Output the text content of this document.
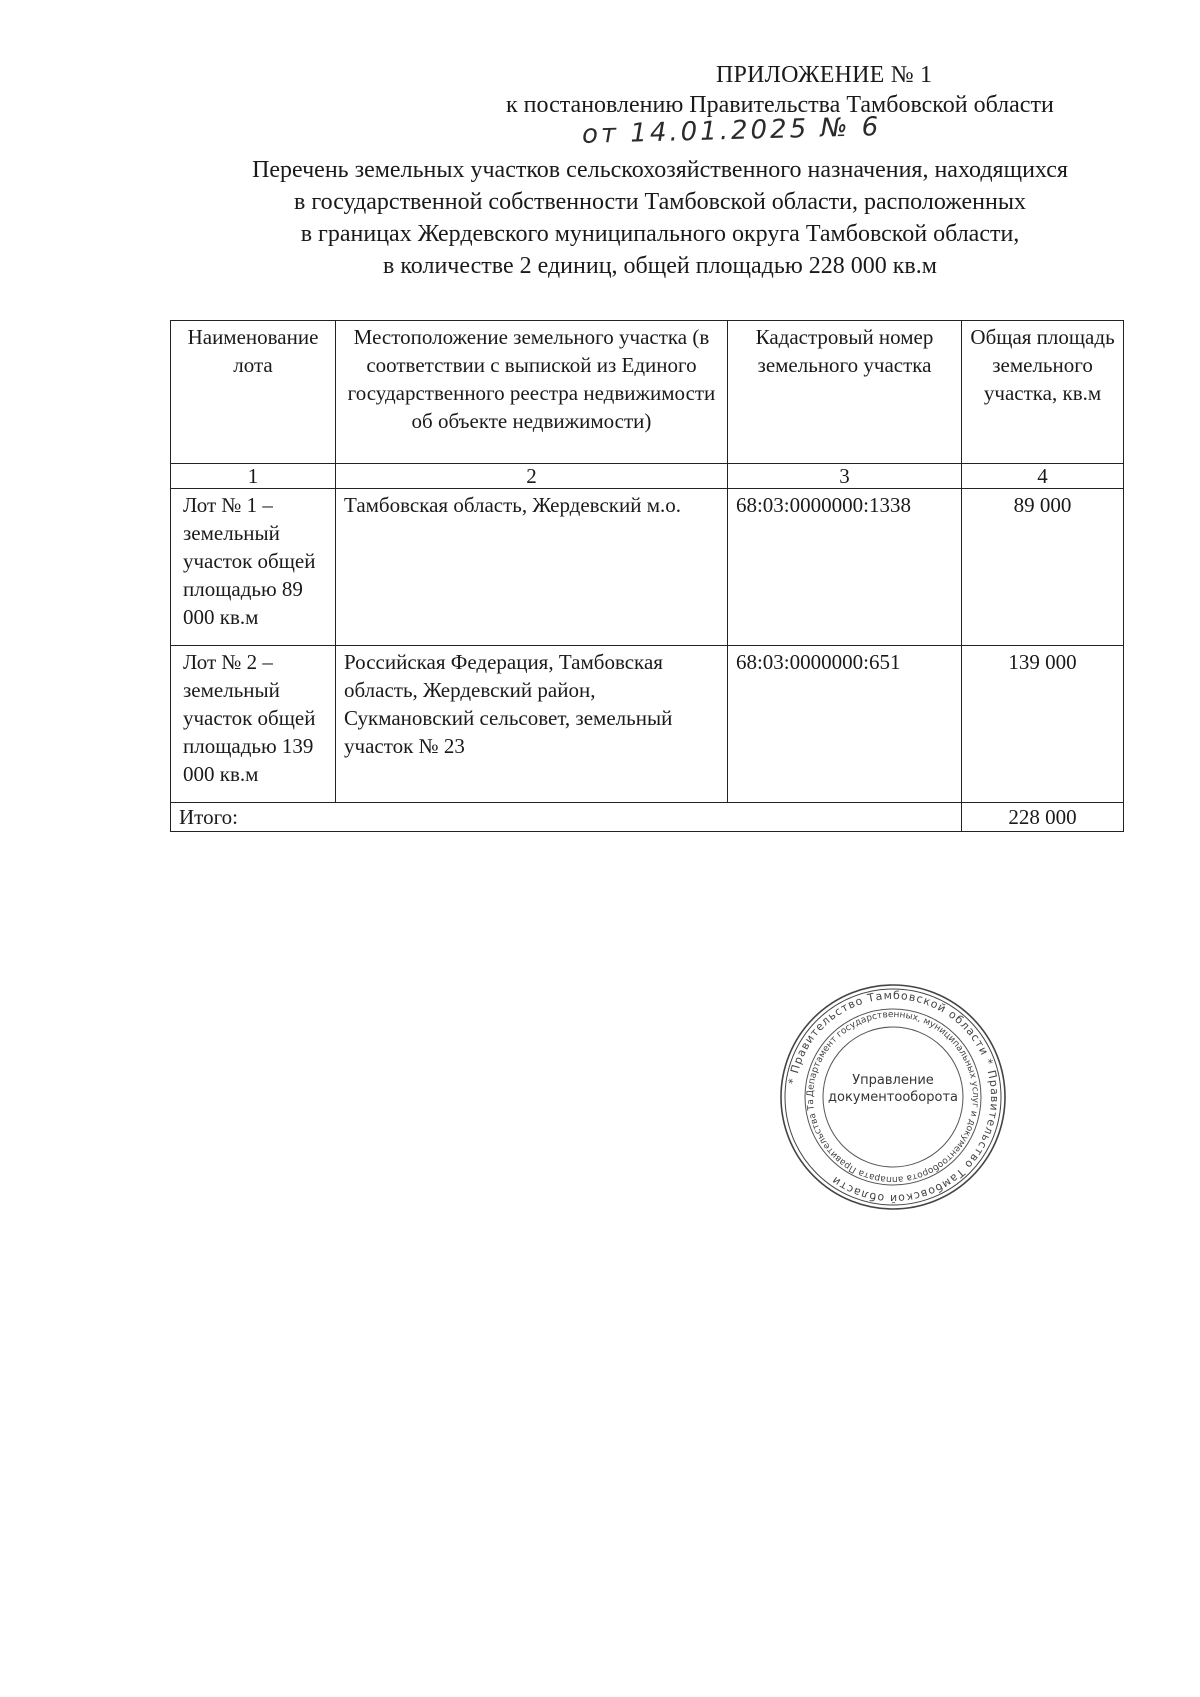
ПРИЛОЖЕНИЕ № 1
к постановлению Правительства Тамбовской области
от 14.01.2025 № 6
Перечень земельных участков сельскохозяйственного назначения, находящихся
в государственной собственности Тамбовской области, расположенных
в границах Жердевского муниципального округа Тамбовской области,
в количестве 2 единиц, общей площадью 228 000 кв.м
Наименование лота	Местоположение земельного участка (в соответствии с выпиской из Единого государственного реестра недвижимости об объекте недвижимости)	Кадастровый номер земельного участка	Общая площадь земельного участка, кв.м
1	2	3	4
Лот № 1 – земельный участок общей площадью 89 000 кв.м	Тамбовская область, Жердевский м.о.	68:03:0000000:1338	89 000
Лот № 2 – земельный участок общей площадью 139 000 кв.м	Российская Федерация, Тамбовская область, Жердевский район, Сукмановский сельсовет, земельный участок № 23	68:03:0000000:651	139 000
Итого:			228 000
* Правительство Тамбовской области * Правительство Тамбовской области
Департамент государственных, муниципальных услуг и документооборота аппарата Правительства Та
Управление
документооборота
